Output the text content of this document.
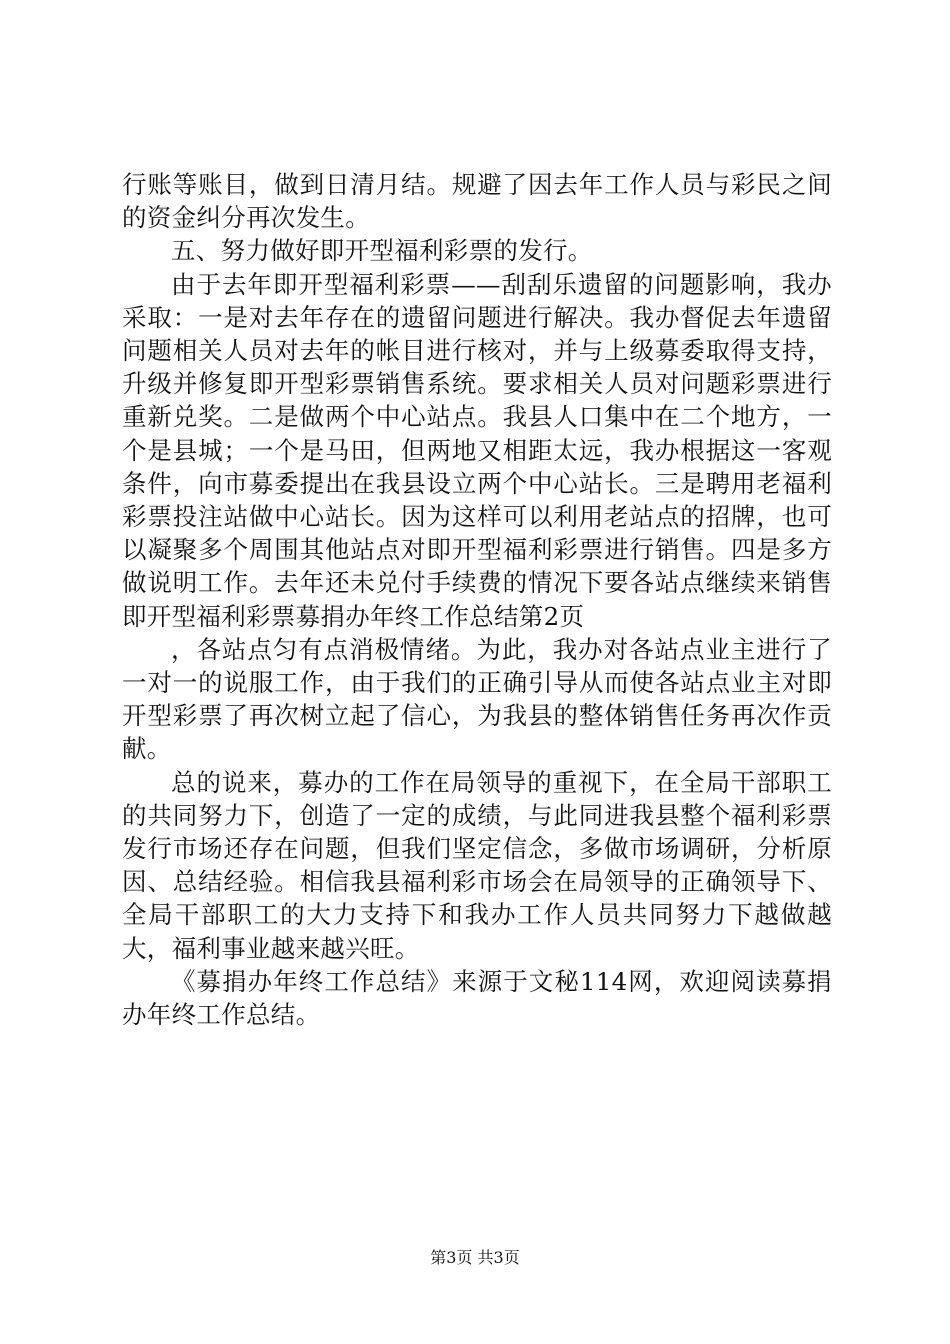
行账等账目，做到日清月结。规避了因去年工作人员与彩民之间的资金纠分再次发生。

五、努力做好即开型福利彩票的发行。

由于去年即开型福利彩票——刮刮乐遗留的问题影响，我办采取：一是对去年存在的遗留问题进行解决。我办督促去年遗留问题相关人员对去年的帐目进行核对，并与上级募委取得支持，升级并修复即开型彩票销售系统。要求相关人员对问题彩票进行重新兑奖。二是做两个中心站点。我县人口集中在二个地方，一个是县城；一个是马田，但两地又相距太远，我办根据这一客观条件，向市募委提出在我县设立两个中心站长。三是聘用老福利彩票投注站做中心站长。因为这样可以利用老站点的招牌，也可以凝聚多个周围其他站点对即开型福利彩票进行销售。四是多方做说明工作。去年还未兑付手续费的情况下要各站点继续来销售即开型福利彩票募捐办年终工作总结第2页

，各站点匀有点消极情绪。为此，我办对各站点业主进行了一对一的说服工作，由于我们的正确引导从而使各站点业主对即开型彩票了再次树立起了信心，为我县的整体销售任务再次作贡献。

总的说来，募办的工作在局领导的重视下，在全局干部职工的共同努力下，创造了一定的成绩，与此同进我县整个福利彩票发行市场还存在问题，但我们坚定信念，多做市场调研，分析原因、总结经验。相信我县福利彩市场会在局领导的正确领导下、全局干部职工的大力支持下和我办工作人员共同努力下越做越大，福利事业越来越兴旺。

《募捐办年终工作总结》来源于文秘114网，欢迎阅读募捐办年终工作总结。

第3页 共3页
